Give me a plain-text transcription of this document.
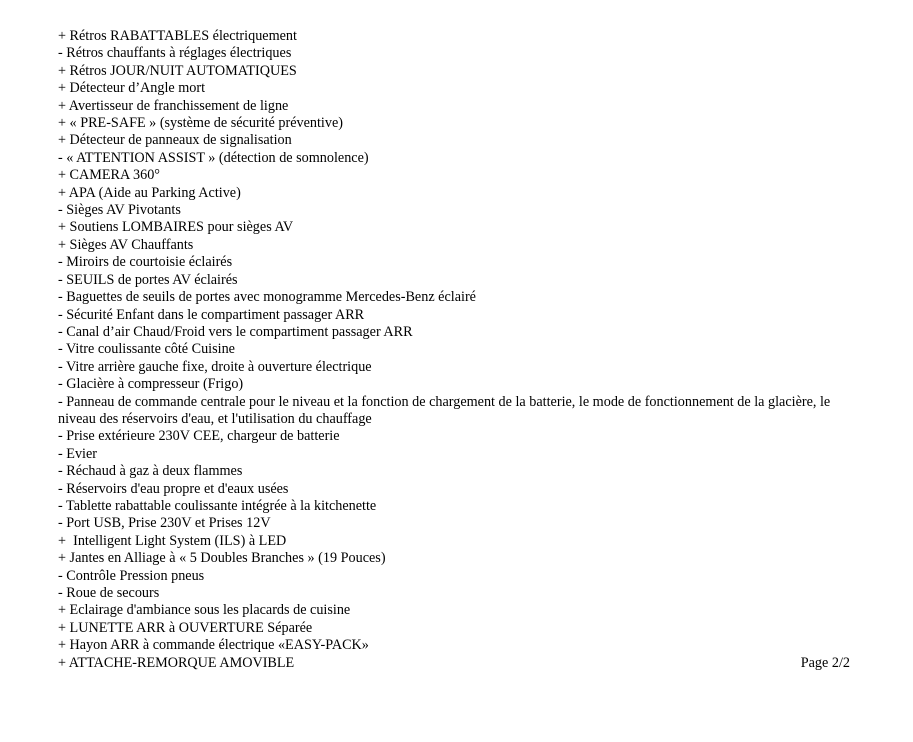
+ Rétros RABATTABLES électriquement
- Rétros chauffants à réglages électriques
+ Rétros JOUR/NUIT AUTOMATIQUES
+ Détecteur d’Angle mort
+ Avertisseur de franchissement de ligne
+ « PRE-SAFE » (système de sécurité préventive)
+ Détecteur de panneaux de signalisation
- « ATTENTION ASSIST » (détection de somnolence)
+ CAMERA 360°
+ APA (Aide au Parking Active)
- Sièges AV Pivotants
+ Soutiens LOMBAIRES pour sièges AV
+ Sièges AV Chauffants
- Miroirs de courtoisie éclairés
- SEUILS de portes AV éclairés
- Baguettes de seuils de portes avec monogramme Mercedes-Benz éclairé
- Sécurité Enfant dans le compartiment passager ARR
- Canal d’air Chaud/Froid vers le compartiment passager ARR
- Vitre coulissante côté Cuisine
- Vitre arrière gauche fixe, droite à ouverture électrique
- Glacière à compresseur (Frigo)
- Panneau de commande centrale pour le niveau et la fonction de chargement de la batterie, le mode de fonctionnement de la glacière, le niveau des réservoirs d'eau, et l'utilisation du chauffage
- Prise extérieure 230V CEE, chargeur de batterie
- Evier
- Réchaud à gaz à deux flammes
- Réservoirs d'eau propre et d'eaux usées
- Tablette rabattable coulissante intégrée à la kitchenette
- Port USB, Prise 230V et Prises 12V
+  Intelligent Light System (ILS) à LED
+ Jantes en Alliage à « 5 Doubles Branches » (19 Pouces)
- Contrôle Pression pneus
- Roue de secours
+ Eclairage d'ambiance sous les placards de cuisine
+ LUNETTE ARR à OUVERTURE Séparée
+ Hayon ARR à commande électrique «EASY-PACK»
+ ATTACHE-REMORQUE AMOVIBLE	Page 2/2
